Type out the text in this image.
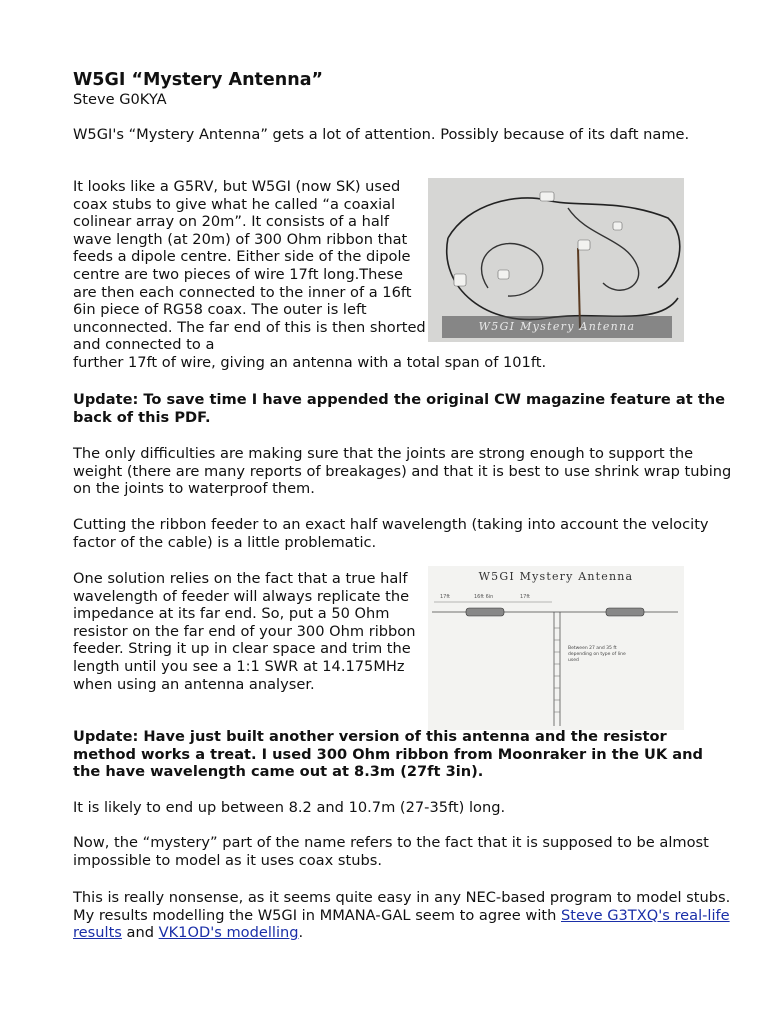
W5GI “Mystery Antenna”

Steve G0KYA

W5GI's “Mystery Antenna” gets a lot of attention. Possibly because of its daft name.

It looks like a G5RV, but W5GI (now SK) used coax stubs to give what he called “a coaxial colinear array on 20m”. It consists of a half wave length (at 20m) of 300 Ohm ribbon that feeds a dipole centre. Either side of the dipole centre are two pieces of wire 17ft long.These are then each connected to the inner of a 16ft 6in piece of RG58 coax. The outer is left unconnected. The far end of this is then shorted and connected to a

further 17ft of wire, giving an antenna with a total span of 101ft.

W5GI Mystery Antenna

Update: To save time I have appended the original CW magazine feature at the back of this PDF.

The only difficulties are making sure that the joints are strong enough to support the weight (there are many reports of breakages) and that it is best to use shrink wrap tubing on the joints to waterproof them.

Cutting the ribbon feeder to an exact half wavelength (taking into account the velocity factor of the cable) is a little problematic.

One solution relies on the fact that a true half wavelength of feeder will always replicate the impedance at its far end. So, put a 50 Ohm resistor on the far end of your 300 Ohm ribbon feeder. String it up in clear space and trim the length until you see a 1:1 SWR at 14.175MHz when using an antenna analyser.

W5GI Mystery Antenna
17ft	16ft 6in	17ft
Between 27 and 35 ft depending on type of line used

Update: Have just built another version of this antenna and the resistor method works a treat. I used 300 Ohm ribbon from Moonraker in the UK and the have wavelength came out at 8.3m (27ft 3in).

It is likely to end up between 8.2 and 10.7m (27-35ft) long.

Now, the “mystery” part of the name refers to the fact that it is supposed to be almost impossible to model as it uses coax stubs.

This is really nonsense, as it seems quite easy in any NEC-based program to model stubs. My results modelling the W5GI in MMANA-GAL seem to agree with Steve G3TXQ's real-life results and VK1OD's modelling.
